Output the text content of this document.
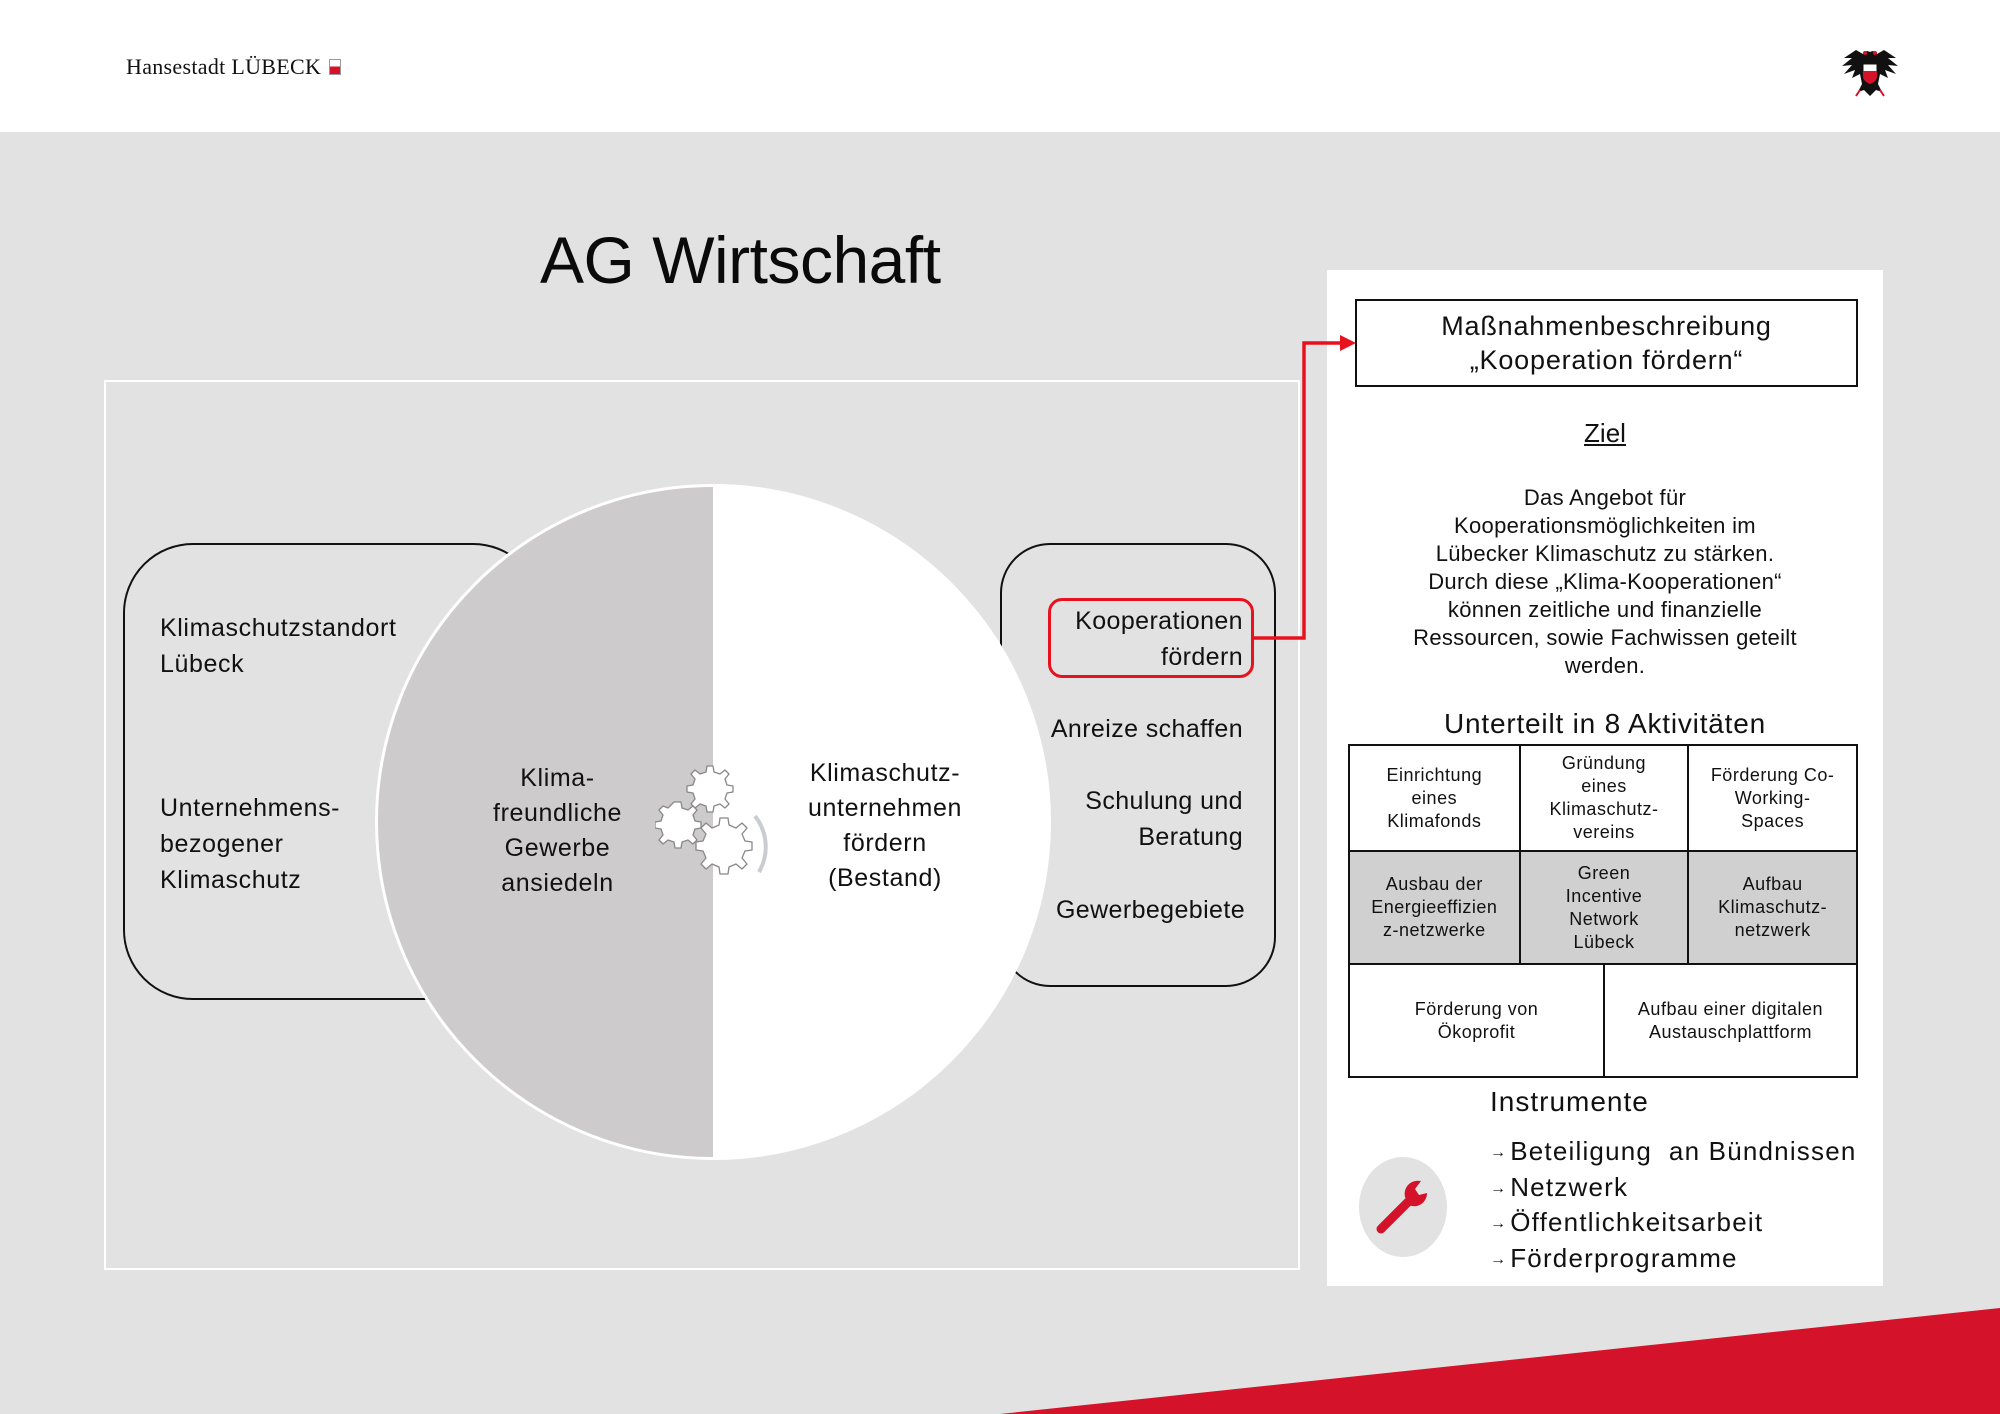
Hansestadt LÜBECK
AG Wirtschaft
Klimaschutzstandort
Lübeck
Unternehmens-
bezogener
Klimaschutz
Klima-
freundliche
Gewerbe
ansiedeln
Klimaschutz-
unternehmen
fördern
(Bestand)
Kooperationen
fördern
Anreize schaffen
Schulung und
Beratung
Gewerbegebiete
Maßnahmenbeschreibung
„Kooperation fördern“
Ziel
Das Angebot für
Kooperationsmöglichkeiten im
Lübecker Klimaschutz zu stärken.
Durch diese „Klima-Kooperationen“
können zeitliche und finanzielle
Ressourcen, sowie Fachwissen geteilt
werden.
Unterteilt in 8 Aktivitäten
Einrichtung
eines
Klimafonds
Gründung
eines
Klimaschutz-
vereins
Förderung Co-
Working-
Spaces
Ausbau der
Energieeffizien
z-netzwerke
Green
Incentive
Network
Lübeck
Aufbau
Klimaschutz-
netzwerk
Förderung von
Ökoprofit
Aufbau einer digitalen
Austauschplattform
Instrumente
→ Beteiligung  an Bündnissen
→ Netzwerk
→ Öffentlichkeitsarbeit
→ Förderprogramme
